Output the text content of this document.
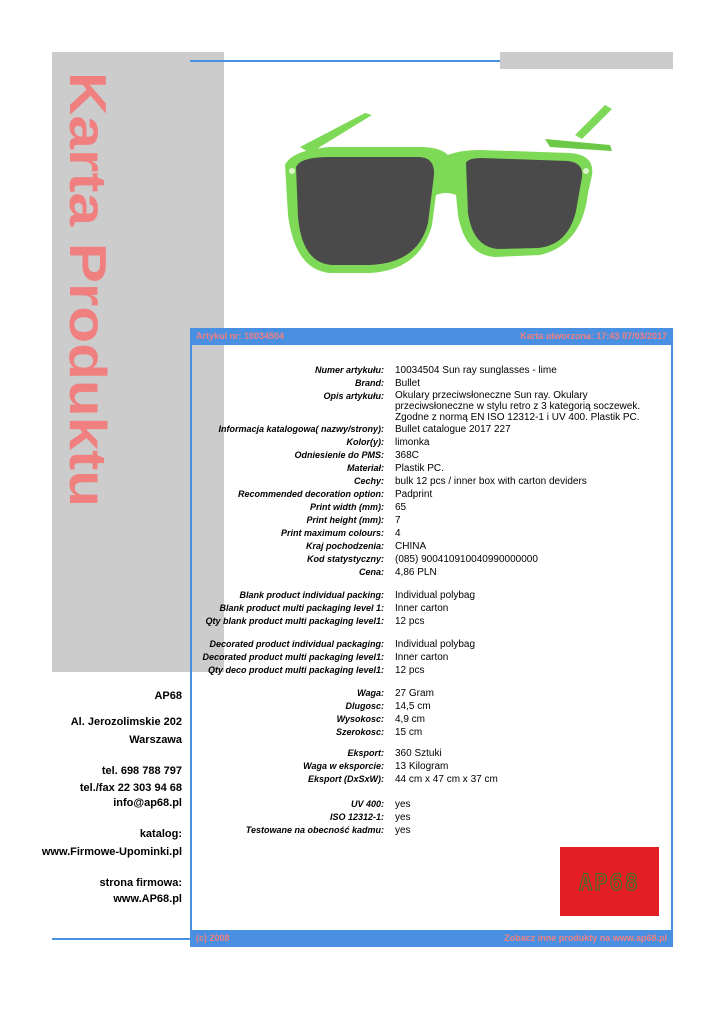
Karta Produktu	Artykuł nr: 10034504	Karta utworzona: 17:43 07/03/2017
Numer artykułu: 10034504 Sun ray sunglasses - lime
Brand: Bullet
Opis artykułu: Okulary przeciwsłoneczne Sun ray. Okulary przeciwsłoneczne w stylu retro z 3 kategorią soczewek. Zgodne z normą EN ISO 12312-1 i UV 400. Plastik PC.
Informacja katalogowa( nazwy/strony): Bullet catalogue 2017 227
Kolor(y): limonka
Odniesienie do PMS: 368C
Materiał: Plastik PC.
Cechy: bulk 12 pcs / inner box with carton deviders
Recommended decoration option: Padprint
Print width (mm): 65
Print height (mm): 7
Print maximum colours: 4
Kraj pochodzenia: CHINA
Kod statystyczny: (085) 90041091004099000000​0
Cena: 4,86 PLN
Blank product individual packing: Individual polybag
Blank product multi packaging level 1: Inner carton
Qty blank product multi packaging level1: 12 pcs
Decorated product individual packaging: Individual polybag
Decorated product multi packaging level1: Inner carton
Qty deco product multi packaging level1: 12 pcs
Waga: 27 Gram
Dlugosc: 14,5 cm
Wysokosc: 4,9 cm
Szerokosc: 15 cm
Eksport: 360 Sztuki
Waga w eksporcie: 13 Kilogram
Eksport (DxSxW): 44 cm x 47 cm x 37 cm
UV 400: yes
ISO 12312-1: yes
Testowane na obecność kadmu: yes
(c) 2008	Zobacz inne produkty na www.ap68.pl
AP68
Al. Jerozolimskie 202
Warszawa
tel. 698 788 797
tel./fax 22 303 94 68
info@ap68.pl
katalog:
www.Firmowe-Upominki.pl
strona firmowa:
www.AP68.pl
AP68
